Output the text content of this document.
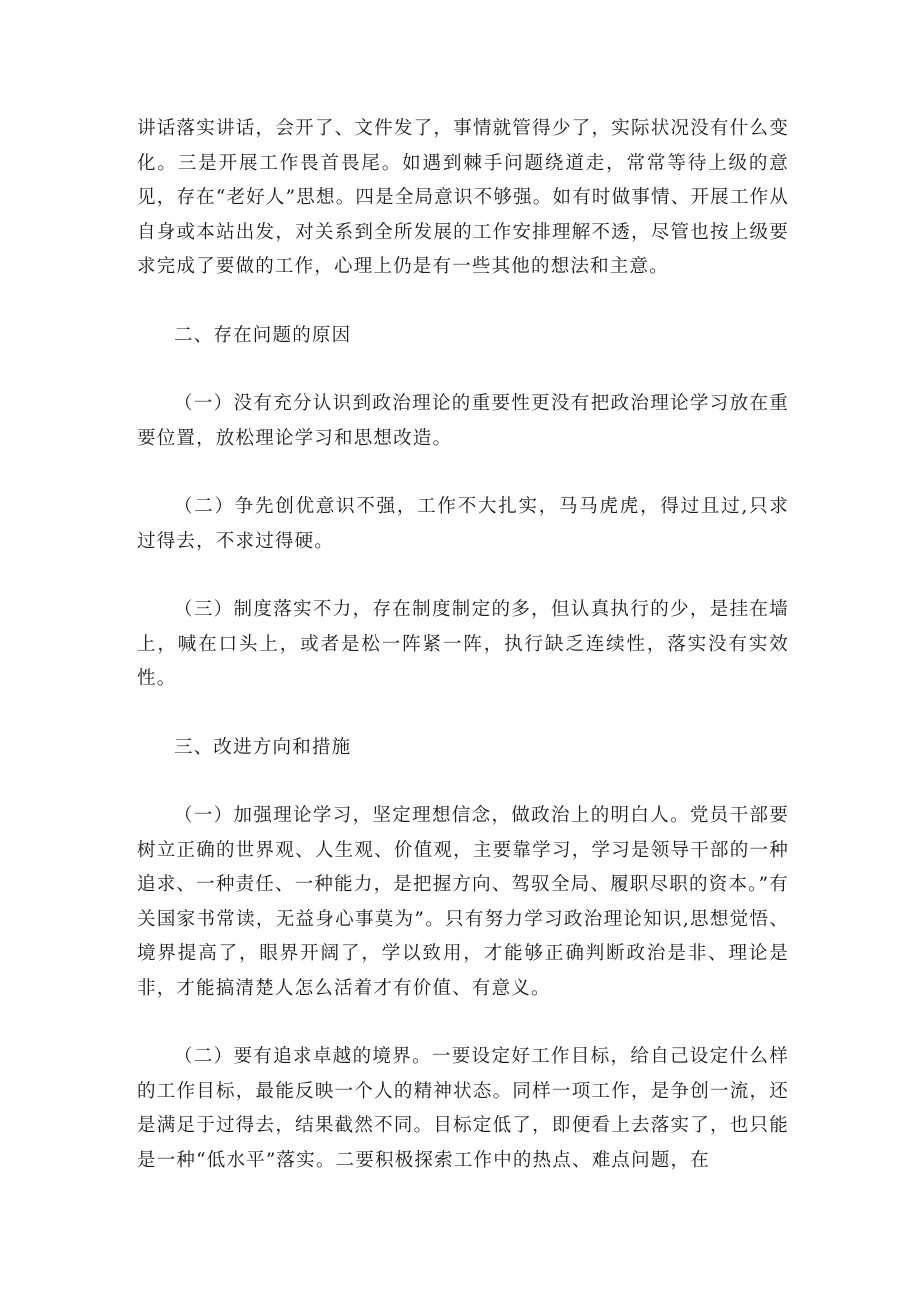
讲话落实讲话，会开了、文件发了，事情就管得少了，实际状况没有什么变化。三是开展工作畏首畏尾。如遇到棘手问题绕道走，常常等待上级的意见，存在“老好人”思想。四是全局意识不够强。如有时做事情、开展工作从自身或本站出发，对关系到全所发展的工作安排理解不透，尽管也按上级要求完成了要做的工作，心理上仍是有一些其他的想法和主意。

二、存在问题的原因

（一）没有充分认识到政治理论的重要性更没有把政治理论学习放在重要位置，放松理论学习和思想改造。

（二）争先创优意识不强，工作不大扎实，马马虎虎，得过且过,只求过得去，不求过得硬。

（三）制度落实不力，存在制度制定的多，但认真执行的少，是挂在墙上，喊在口头上，或者是松一阵紧一阵，执行缺乏连续性，落实没有实效性。

三、改进方向和措施

（一）加强理论学习，坚定理想信念，做政治上的明白人。党员干部要树立正确的世界观、人生观、价值观，主要靠学习，学习是领导干部的一种追求、一种责任、一种能力，是把握方向、驾驭全局、履职尽职的资本。”有关国家书常读，无益身心事莫为”。只有努力学习政治理论知识,思想觉悟、境界提高了，眼界开阔了，学以致用，才能够正确判断政治是非、理论是非，才能搞清楚人怎么活着才有价值、有意义。

（二）要有追求卓越的境界。一要设定好工作目标，给自己设定什么样的工作目标，最能反映一个人的精神状态。同样一项工作，是争创一流，还是满足于过得去，结果截然不同。目标定低了，即便看上去落实了，也只能是一种“低水平”落实。二要积极探索工作中的热点、难点问题，在
